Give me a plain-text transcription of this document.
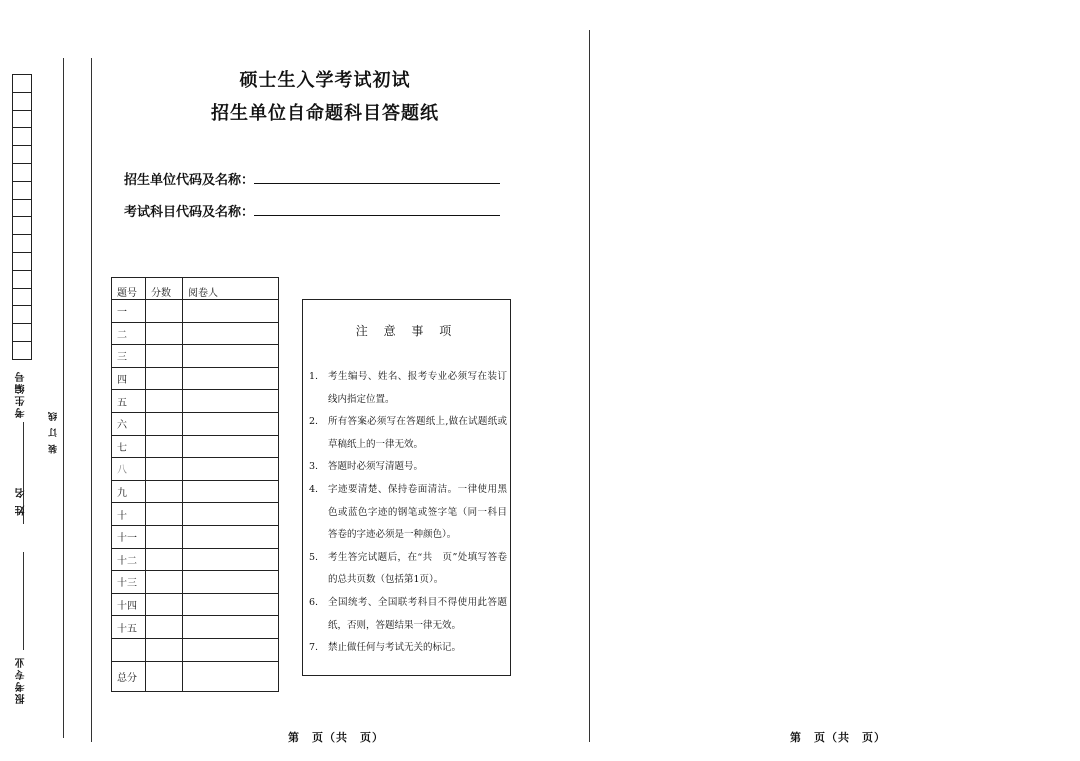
考生编号
姓 名
报考专业
装 订 线
硕士生入学考试初试
招生单位自命题科目答题纸
招生单位代码及名称：
考试科目代码及名称：
题号	分数	阅卷人
一		
二		
三		
四		
五		
六		
七		
八		
九		
十		
十一		
十二		
十三		
十四		
十五		

总分		
注 意 事 项
1. 考生编号、姓名、报考专业必须写在装订线内指定位置。
2. 所有答案必须写在答题纸上,做在试题纸或草稿纸上的一律无效。
3. 答题时必须写清题号。
4. 字迹要清楚、保持卷面清洁。一律使用黑色或蓝色字迹的钢笔或签字笔（同一科目答卷的字迹必须是一种颜色）。
5. 考生答完试题后，在“共　页”处填写答卷的总共页数（包括第1页）。
6. 全国统考、全国联考科目不得使用此答题纸，否则，答题结果一律无效。
7. 禁止做任何与考试无关的标记。
第　页（共　页）	第　页（共　页）
